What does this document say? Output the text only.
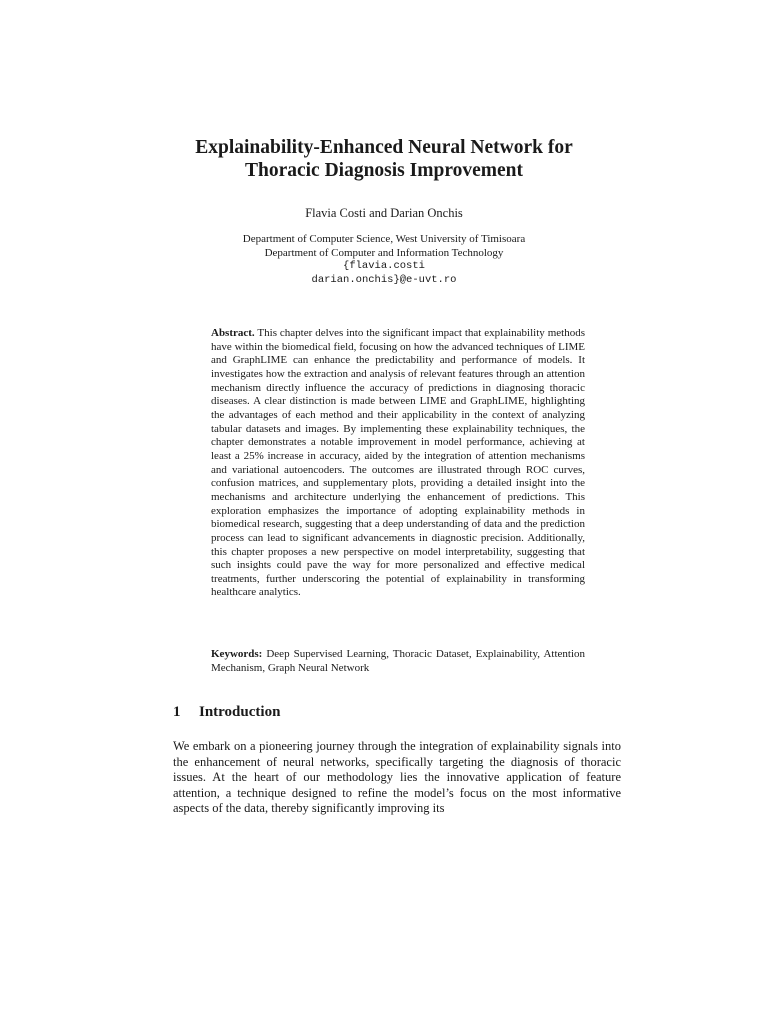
Explainability-Enhanced Neural Network for
Thoracic Diagnosis Improvement
Flavia Costi and Darian Onchis
Department of Computer Science, West University of Timisoara
Department of Computer and Information Technology
{flavia.costi
darian.onchis}@e-uvt.ro

Abstract. This chapter delves into the significant impact that explainability methods have within the biomedical field, focusing on how the advanced techniques of LIME and GraphLIME can enhance the predictability and performance of models. It investigates how the extraction and analysis of relevant features through an attention mechanism directly influence the accuracy of predictions in diagnosing thoracic diseases. A clear distinction is made between LIME and GraphLIME, highlighting the advantages of each method and their applicability in the context of analyzing tabular datasets and images. By implementing these explainability techniques, the chapter demonstrates a notable improvement in model performance, achieving at least a 25% increase in accuracy, aided by the integration of attention mechanisms and variational autoencoders. The outcomes are illustrated through ROC curves, confusion matrices, and supplementary plots, providing a detailed insight into the mechanisms and architecture underlying the enhancement of predictions. This exploration emphasizes the importance of adopting explainability methods in biomedical research, suggesting that a deep understanding of data and the prediction process can lead to significant advancements in diagnostic precision. Additionally, this chapter proposes a new perspective on model interpretability, suggesting that such insights could pave the way for more personalized and effective medical treatments, further underscoring the potential of explainability in transforming healthcare analytics.

Keywords: Deep Supervised Learning, Thoracic Dataset, Explainability, Attention Mechanism, Graph Neural Network

1 Introduction

We embark on a pioneering journey through the integration of explainability signals into the enhancement of neural networks, specifically targeting the diagnosis of thoracic issues. At the heart of our methodology lies the innovative application of feature attention, a technique designed to refine the model’s focus on the most informative aspects of the data, thereby significantly improving its
